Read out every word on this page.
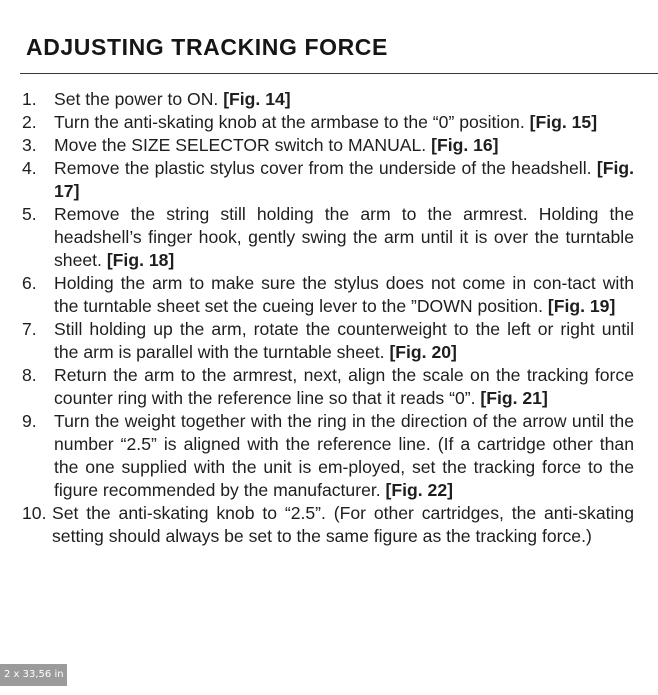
ADJUSTING TRACKING FORCE
1. Set the power to ON. [Fig. 14]
2. Turn the anti-skating knob at the armbase to the “0” position. [Fig. 15]
3. Move the SIZE SELECTOR switch to MANUAL. [Fig. 16]
4. Remove the plastic stylus cover from the underside of the headshell. [Fig. 17]
5. Remove the string still holding the arm to the armrest. Holding the headshell’s finger hook, gently swing the arm until it is over the turntable sheet. [Fig. 18]
6. Holding the arm to make sure the stylus does not come in con-tact with the turntable sheet set the cueing lever to the ”DOWN position. [Fig. 19]
7. Still holding up the arm, rotate the counterweight to the left or right until the arm is parallel with the turntable sheet. [Fig. 20]
8. Return the arm to the armrest, next, align the scale on the tracking force counter ring with the reference line so that it reads “0”. [Fig. 21]
9. Turn the weight together with the ring in the direction of the arrow until the number “2.5” is aligned with the reference line. (If a cartridge other than the one supplied with the unit is em-ployed, set the tracking force to the figure recommended by the manufacturer. [Fig. 22]
10. Set the anti-skating knob to “2.5”. (For other cartridges, the anti-skating setting should always be set to the same figure as the tracking force.)
2 x 33,56 in
